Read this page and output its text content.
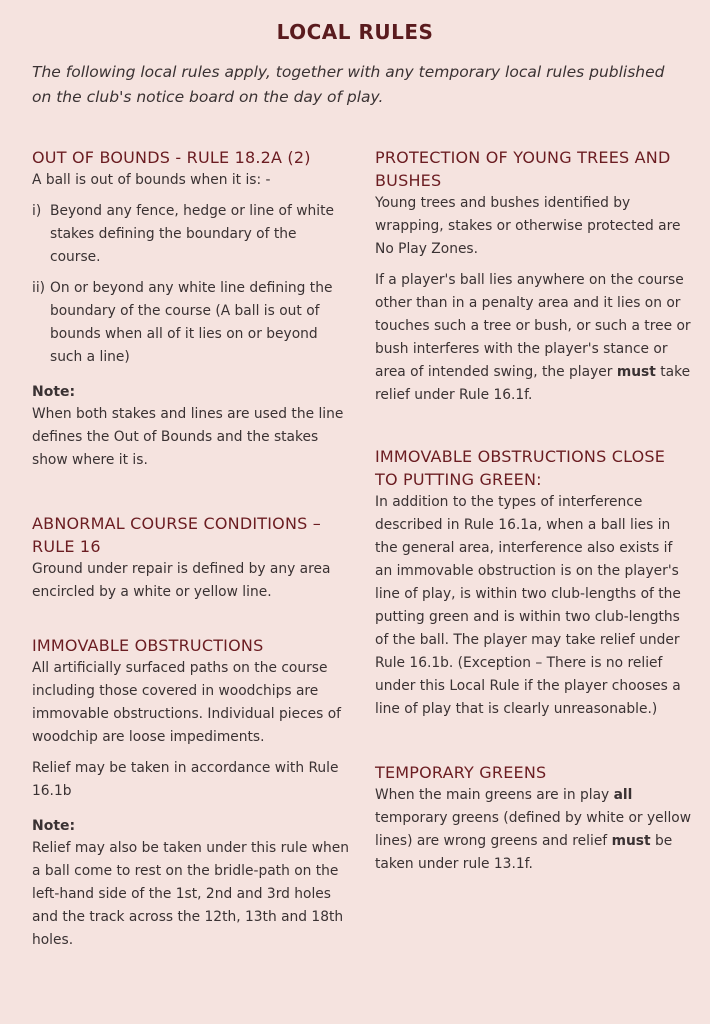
LOCAL RULES
The following local rules apply, together with any temporary local rules published on the club's notice board on the day of play.
OUT OF BOUNDS - RULE 18.2A (2)

A ball is out of bounds when it is: -

i) Beyond any fence, hedge or line of white stakes defining the boundary of the course.
ii) On or beyond any white line defining the boundary of the course (A ball is out of bounds when all of it lies on or beyond such a line)
Note:

When both stakes and lines are used the line defines the Out of Bounds and the stakes show where it is.

ABNORMAL COURSE CONDITIONS – RULE 16

Ground under repair is defined by any area encircled by a white or yellow line.

IMMOVABLE OBSTRUCTIONS

All artificially surfaced paths on the course including those covered in woodchips are immovable obstructions. Individual pieces of woodchip are loose impediments.

Relief may be taken in accordance with Rule 16.1b

Note:

Relief may also be taken under this rule when a ball come to rest on the bridle-path on the left-hand side of the 1st, 2nd and 3rd holes and the track across the 12th, 13th and 18th holes.

PROTECTION OF YOUNG TREES AND BUSHES

Young trees and bushes identified by wrapping, stakes or otherwise protected are No Play Zones.

If a player's ball lies anywhere on the course other than in a penalty area and it lies on or touches such a tree or bush, or such a tree or bush interferes with the player's stance or area of intended swing, the player must take relief under Rule 16.1f.

IMMOVABLE OBSTRUCTIONS CLOSE TO PUTTING GREEN:

In addition to the types of interference described in Rule 16.1a, when a ball lies in the general area, interference also exists if an immovable obstruction is on the player's line of play, is within two club-lengths of the putting green and is within two club-lengths of the ball. The player may take relief under Rule 16.1b. (Exception – There is no relief under this Local Rule if the player chooses a line of play that is clearly unreasonable.)

TEMPORARY GREENS

When the main greens are in play all temporary greens (defined by white or yellow lines) are wrong greens and relief must be taken under rule 13.1f.
